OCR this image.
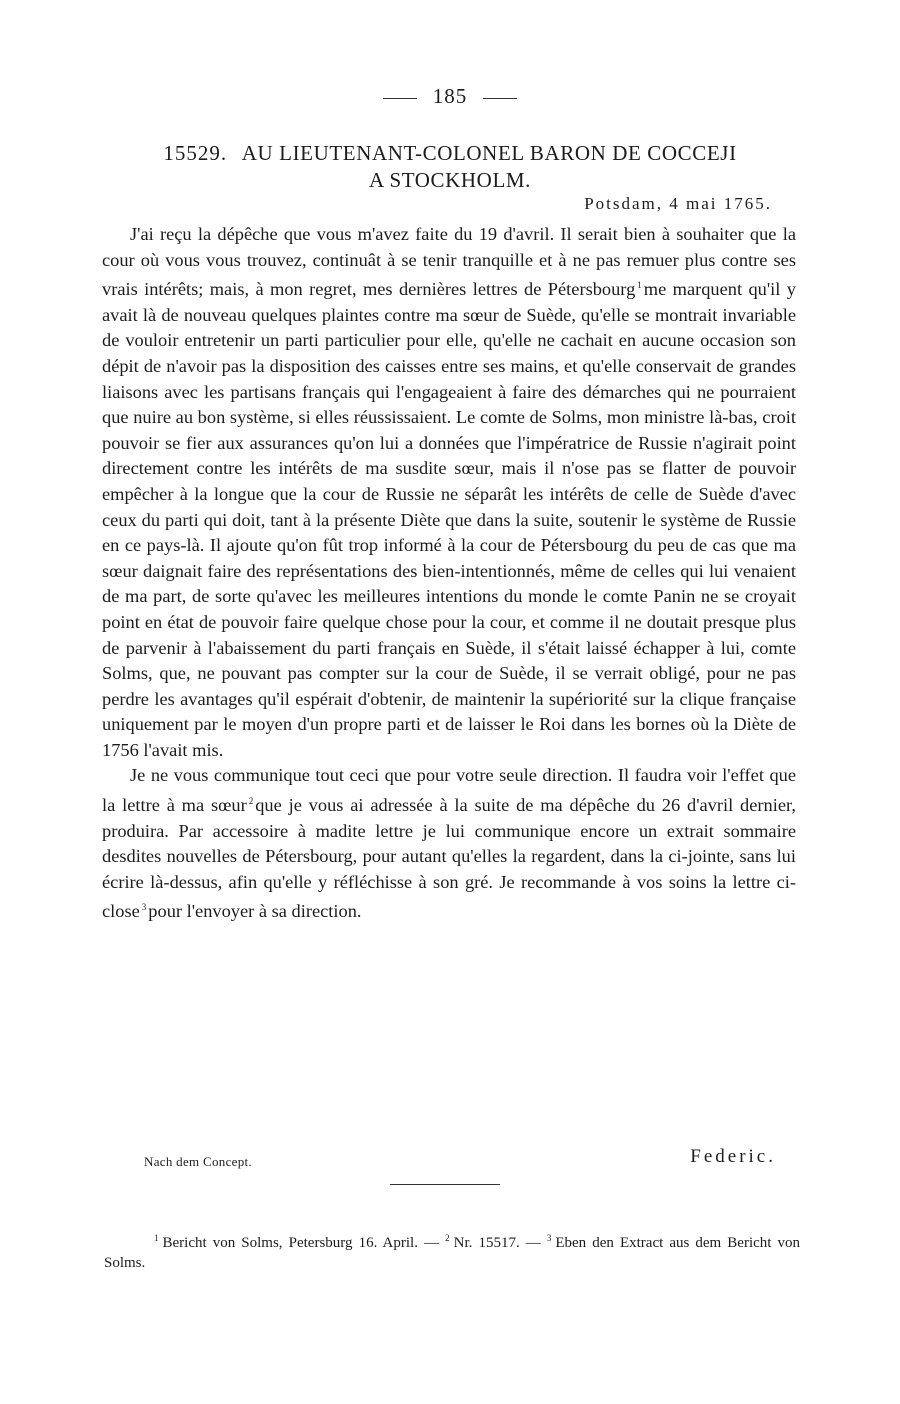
185
15529. AU LIEUTENANT-COLONEL BARON DE COCCEJI
A STOCKHOLM.
Potsdam, 4 mai 1765.

J'ai reçu la dépêche que vous m'avez faite du 19 d'avril. Il serait bien à souhaiter que la cour où vous vous trouvez, continuât à se tenir tranquille et à ne pas remuer plus contre ses vrais intérêts; mais, à mon regret, mes dernières lettres de Pétersbourg $^1$ me marquent qu'il y avait là de nouveau quelques plaintes contre ma sœur de Suède, qu'elle se montrait invariable de vouloir entretenir un parti particulier pour elle, qu'elle ne cachait en aucune occasion son dépit de n'avoir pas la disposition des caisses entre ses mains, et qu'elle conservait de grandes liaisons avec les partisans français qui l'engageaient à faire des démarches qui ne pourraient que nuire au bon système, si elles réussissaient. Le comte de Solms, mon ministre là-bas, croit pouvoir se fier aux assurances qu'on lui a données que l'impératrice de Russie n'agirait point directement contre les intérêts de ma susdite sœur, mais il n'ose pas se flatter de pouvoir empêcher à la longue que la cour de Russie ne séparât les intérêts de celle de Suède d'avec ceux du parti qui doit, tant à la présente Diète que dans la suite, soutenir le système de Russie en ce pays-là. Il ajoute qu'on fût trop informé à la cour de Pétersbourg du peu de cas que ma sœur daignait faire des représentations des bien-intentionnés, même de celles qui lui venaient de ma part, de sorte qu'avec les meilleures intentions du monde le comte Panin ne se croyait point en état de pouvoir faire quelque chose pour la cour, et comme il ne doutait presque plus de parvenir à l'abaissement du parti français en Suède, il s'était laissé échapper à lui, comte Solms, que, ne pouvant pas compter sur la cour de Suède, il se verrait obligé, pour ne pas perdre les avantages qu'il espérait d'obtenir, de maintenir la supériorité sur la clique française uniquement par le moyen d'un propre parti et de laisser le Roi dans les bornes où la Diète de 1756 l'avait mis.

Je ne vous communique tout ceci que pour votre seule direction. Il faudra voir l'effet que la lettre à ma sœur $^2$ que je vous ai adressée à la suite de ma dépêche du 26 d'avril dernier, produira. Par accessoire à madite lettre je lui communique encore un extrait sommaire desdites nouvelles de Pétersbourg, pour autant qu'elles la regardent, dans la ci-jointe, sans lui écrire là-dessus, afin qu'elle y réfléchisse à son gré. Je recommande à vos soins la lettre ci-close $^3$ pour l'envoyer à sa direction.

Nach dem Concept.	Federic.
$^1$ Bericht von Solms, Petersburg 16. April. — $^2$ Nr. 15517. — $^3$ Eben den Extract aus dem Bericht von Solms.
